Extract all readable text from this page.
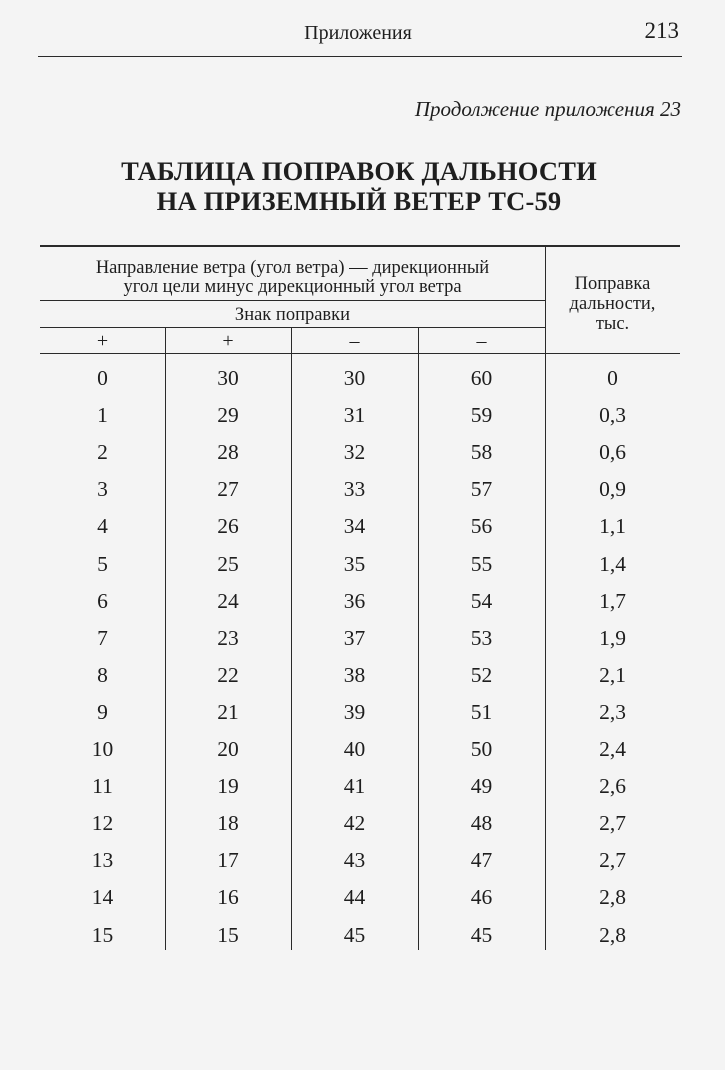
Приложения	213
Продолжение приложения 23
ТАБЛИЦА ПОПРАВОК ДАЛЬНОСТИ
НА ПРИЗЕМНЫЙ ВЕТЕР ТС-59
Направление ветра (угол ветра) — дирекционный
угол цели минус дирекционный угол ветра
Знак поправки
Поправка
дальности,
тыс.
+	+	–	–
0	30	30	60	0
1	29	31	59	0,3
2	28	32	58	0,6
3	27	33	57	0,9
4	26	34	56	1,1
5	25	35	55	1,4
6	24	36	54	1,7
7	23	37	53	1,9
8	22	38	52	2,1
9	21	39	51	2,3
10	20	40	50	2,4
11	19	41	49	2,6
12	18	42	48	2,7
13	17	43	47	2,7
14	16	44	46	2,8
15	15	45	45	2,8
